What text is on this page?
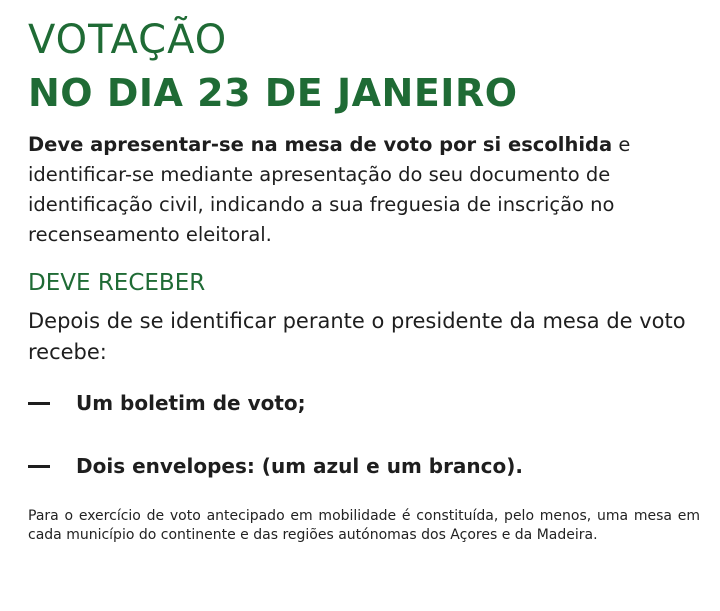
VOTAÇÃO
NO DIA 23 DE JANEIRO

Deve apresentar-se na mesa de voto por si escolhida e identificar-se mediante apresentação do seu documento de identificação civil, indicando a sua freguesia de inscrição no recenseamento eleitoral.

DEVE RECEBER

Depois de se identificar perante o presidente da mesa de voto recebe:

Um boletim de voto;
Dois envelopes: (um azul e um branco).

Para o exercício de voto antecipado em mobilidade é constituída, pelo menos, uma mesa em cada município do continente e das regiões autónomas dos Açores e da Madeira.
